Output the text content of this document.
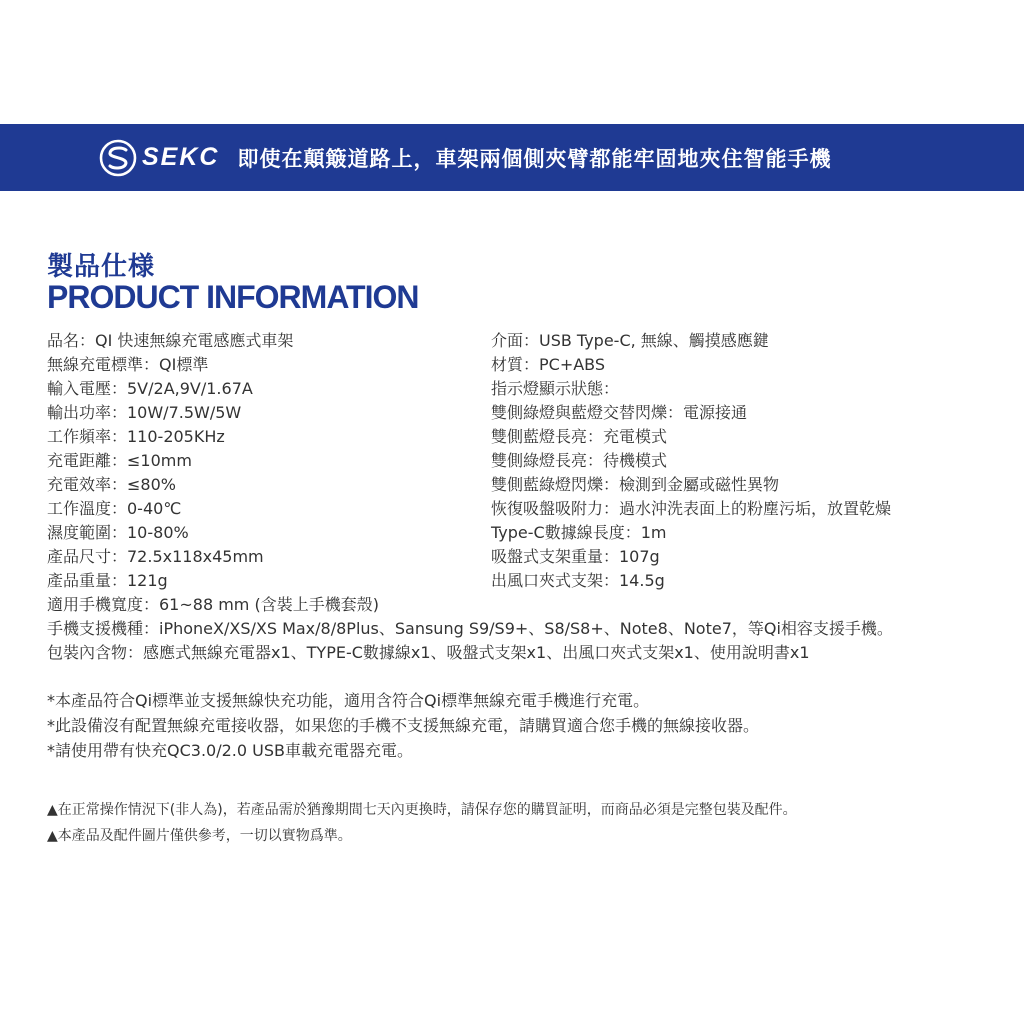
SEKC 即使在顛簸道路上，車架兩個側夾臂都能牢固地夾住智能手機
製品仕様
PRODUCT INFORMATION
品名：QI 快速無線充電感應式車架
無線充電標準：QI標準
輸入電壓：5V/2A,9V/1.67A
輸出功率：10W/7.5W/5W
工作頻率：110-205KHz
充電距離：≤10mm
充電效率：≤80%
工作溫度：0-40℃
濕度範圍：10-80%
產品尺寸：72.5x118x45mm
產品重量：121g
介面：USB Type-C, 無線、觸摸感應鍵
材質：PC+ABS
指示燈顯示狀態：
雙側綠燈與藍燈交替閃爍：電源接通
雙側藍燈長亮：充電模式
雙側綠燈長亮：待機模式
雙側藍綠燈閃爍：檢測到金屬或磁性異物
恢復吸盤吸附力：過水沖洗表面上的粉塵污垢，放置乾燥
Type-C數據線長度：1m
吸盤式支架重量：107g
出風口夾式支架：14.5g
適用手機寬度：61~88 mm (含裝上手機套殼)
手機支援機種：iPhoneX/XS/XS Max/8/8Plus、Sansung S9/S9+、S8/S8+、Note8、Note7，等Qi相容支援手機。
包裝內含物：感應式無線充電器x1、TYPE-C數據線x1、吸盤式支架x1、出風口夾式支架x1、使用說明書x1
*本產品符合Qi標準並支援無線快充功能，適用含符合Qi標準無線充電手機進行充電。
*此設備沒有配置無線充電接收器，如果您的手機不支援無線充電，請購買適合您手機的無線接收器。
*請使用帶有快充QC3.0/2.0 USB車載充電器充電。
▲在正常操作情況下(非人為)，若產品需於猶豫期間七天內更換時，請保存您的購買証明，而商品必須是完整包裝及配件。
▲本產品及配件圖片僅供參考，一切以實物爲準。
